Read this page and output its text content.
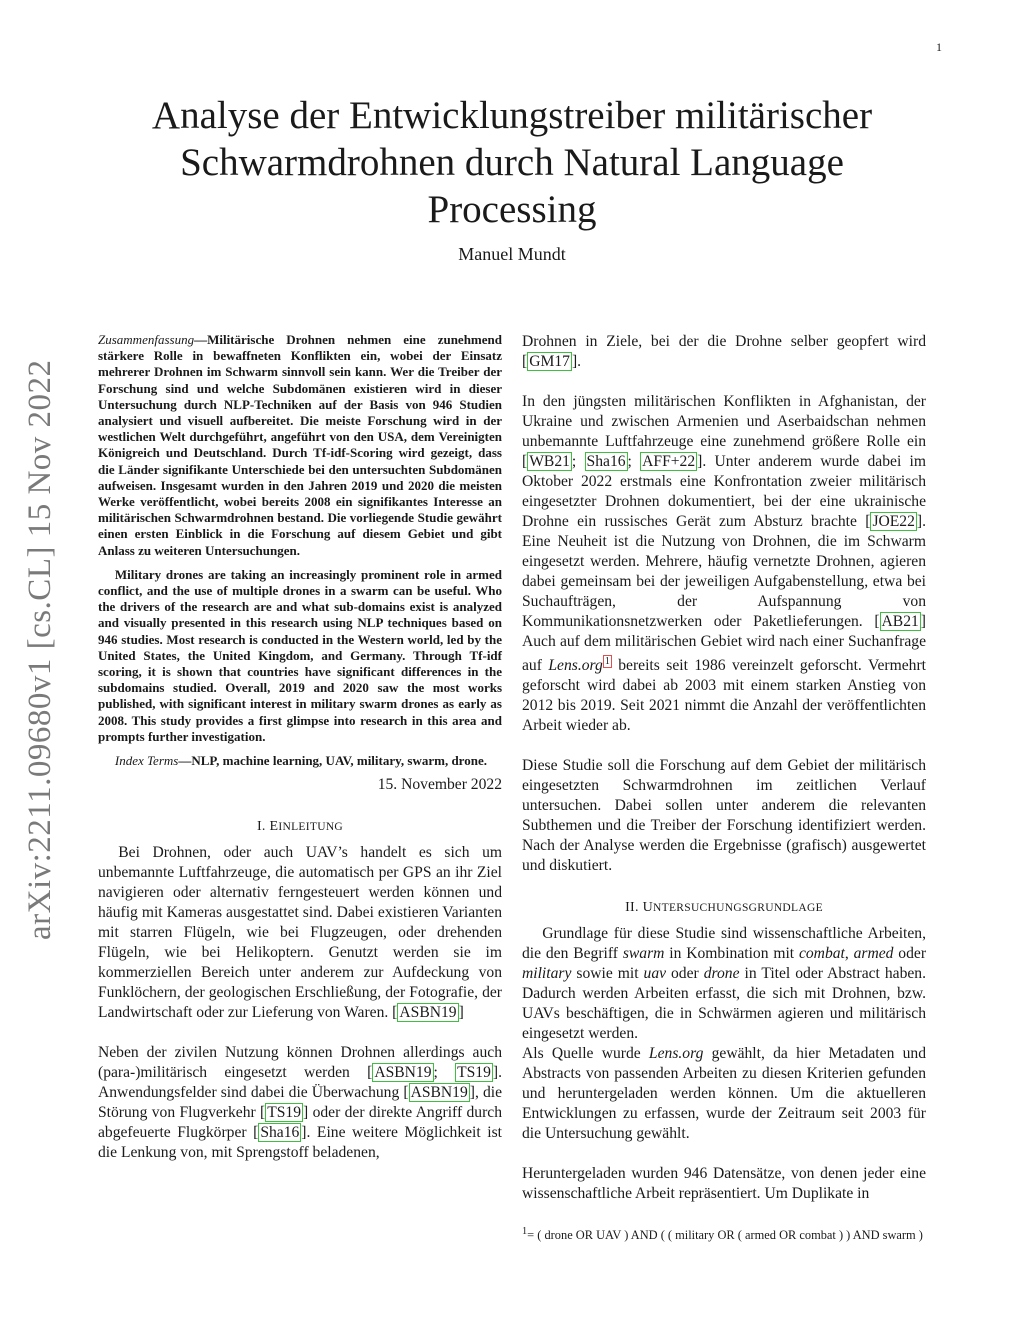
1
arXiv:2211.09680v1 [cs.CL] 15 Nov 2022
Analyse der Entwicklungstreiber militärischer Schwarmdrohnen durch Natural Language Processing
Manuel Mundt

Zusammenfassung—Militärische Drohnen nehmen eine zunehmend stärkere Rolle in bewaffneten Konflikten ein, wobei der Einsatz mehrerer Drohnen im Schwarm sinnvoll sein kann. Wer die Treiber der Forschung sind und welche Subdomänen existieren wird in dieser Untersuchung durch NLP-Techniken auf der Basis von 946 Studien analysiert und visuell aufbereitet. Die meiste Forschung wird in der westlichen Welt durchgeführt, angeführt von den USA, dem Vereinigten Königreich und Deutschland. Durch Tf-idf-Scoring wird gezeigt, dass die Länder signifikante Unterschiede bei den untersuchten Subdomänen aufweisen. Insgesamt wurden in den Jahren 2019 und 2020 die meisten Werke veröffentlicht, wobei bereits 2008 ein signifikantes Interesse an militärischen Schwarmdrohnen bestand. Die vorliegende Studie gewährt einen ersten Einblick in die Forschung auf diesem Gebiet und gibt Anlass zu weiteren Untersuchungen.

Military drones are taking an increasingly prominent role in armed conflict, and the use of multiple drones in a swarm can be useful. Who the drivers of the research are and what sub-domains exist is analyzed and visually presented in this research using NLP techniques based on 946 studies. Most research is conducted in the Western world, led by the United States, the United Kingdom, and Germany. Through Tf-idf scoring, it is shown that countries have significant differences in the subdomains studied. Overall, 2019 and 2020 saw the most works published, with significant interest in military swarm drones as early as 2008. This study provides a first glimpse into research in this area and prompts further investigation.

Index Terms—NLP, machine learning, UAV, military, swarm, drone.

15. November 2022

I. EINLEITUNG

Bei Drohnen, oder auch UAV’s handelt es sich um unbemannte Luftfahrzeuge, die automatisch per GPS an ihr Ziel navigieren oder alternativ ferngesteuert werden können und häufig mit Kameras ausgestattet sind. Dabei existieren Varianten mit starren Flügeln, wie bei Flugzeugen, oder drehenden Flügeln, wie bei Helikoptern. Genutzt werden sie im kommerziellen Bereich unter anderem zur Aufdeckung von Funklöchern, der geologischen Erschließung, der Fotografie, der Landwirtschaft oder zur Lieferung von Waren. [ ASBN19 ]

Neben der zivilen Nutzung können Drohnen allerdings auch (para-)militärisch eingesetzt werden [ ASBN19 ; TS19 ]. Anwendungsfelder sind dabei die Überwachung [ ASBN19 ], die Störung von Flugverkehr [ TS19 ] oder der direkte Angriff durch abgefeuerte Flugkörper [ Sha16 ]. Eine weitere Möglichkeit ist die Lenkung von, mit Sprengstoff beladenen,

Drohnen in Ziele, bei der die Drohne selber geopfert wird [ GM17 ].

In den jüngsten militärischen Konflikten in Afghanistan, der Ukraine und zwischen Armenien und Aserbaidschan nehmen unbemannte Luftfahrzeuge eine zunehmend größere Rolle ein [ WB21 ; Sha16 ; AFF+22 ]. Unter anderem wurde dabei im Oktober 2022 erstmals eine Konfrontation zweier militärisch eingesetzter Drohnen dokumentiert, bei der eine ukrainische Drohne ein russisches Gerät zum Absturz brachte [ JOE22 ]. Eine Neuheit ist die Nutzung von Drohnen, die im Schwarm eingesetzt werden. Mehrere, häufig vernetzte Drohnen, agieren dabei gemeinsam bei der jeweiligen Aufgabenstellung, etwa bei Suchaufträgen, der Aufspannung von Kommunikationsnetzwerken oder Paketlieferungen. [ AB21 ] Auch auf dem militärischen Gebiet wird nach einer Suchanfrage auf Lens.org $^1$ bereits seit 1986 vereinzelt geforscht. Vermehrt geforscht wird dabei ab 2003 mit einem starken Anstieg von 2012 bis 2019. Seit 2021 nimmt die Anzahl der veröffentlichten Arbeit wieder ab.

Diese Studie soll die Forschung auf dem Gebiet der militärisch eingesetzten Schwarmdrohnen im zeitlichen Verlauf untersuchen. Dabei sollen unter anderem die relevanten Subthemen und die Treiber der Forschung identifiziert werden. Nach der Analyse werden die Ergebnisse (grafisch) ausgewertet und diskutiert.

II. UNTERSUCHUNGSGRUNDLAGE

Grundlage für diese Studie sind wissenschaftliche Arbeiten, die den Begriff swarm in Kombination mit combat, armed oder military sowie mit uav oder drone in Titel oder Abstract haben. Dadurch werden Arbeiten erfasst, die sich mit Drohnen, bzw. UAVs beschäftigen, die in Schwärmen agieren und militärisch eingesetzt werden.

Als Quelle wurde Lens.org gewählt, da hier Metadaten und Abstracts von passenden Arbeiten zu diesen Kriterien gefunden und heruntergeladen werden können. Um die aktuelleren Entwicklungen zu erfassen, wurde der Zeitraum seit 2003 für die Untersuchung gewählt.

Heruntergeladen wurden 946 Datensätze, von denen jeder eine wissenschaftliche Arbeit repräsentiert. Um Duplikate in

$^1$= ( drone OR UAV ) AND ( ( military OR ( armed OR combat ) ) AND swarm )
